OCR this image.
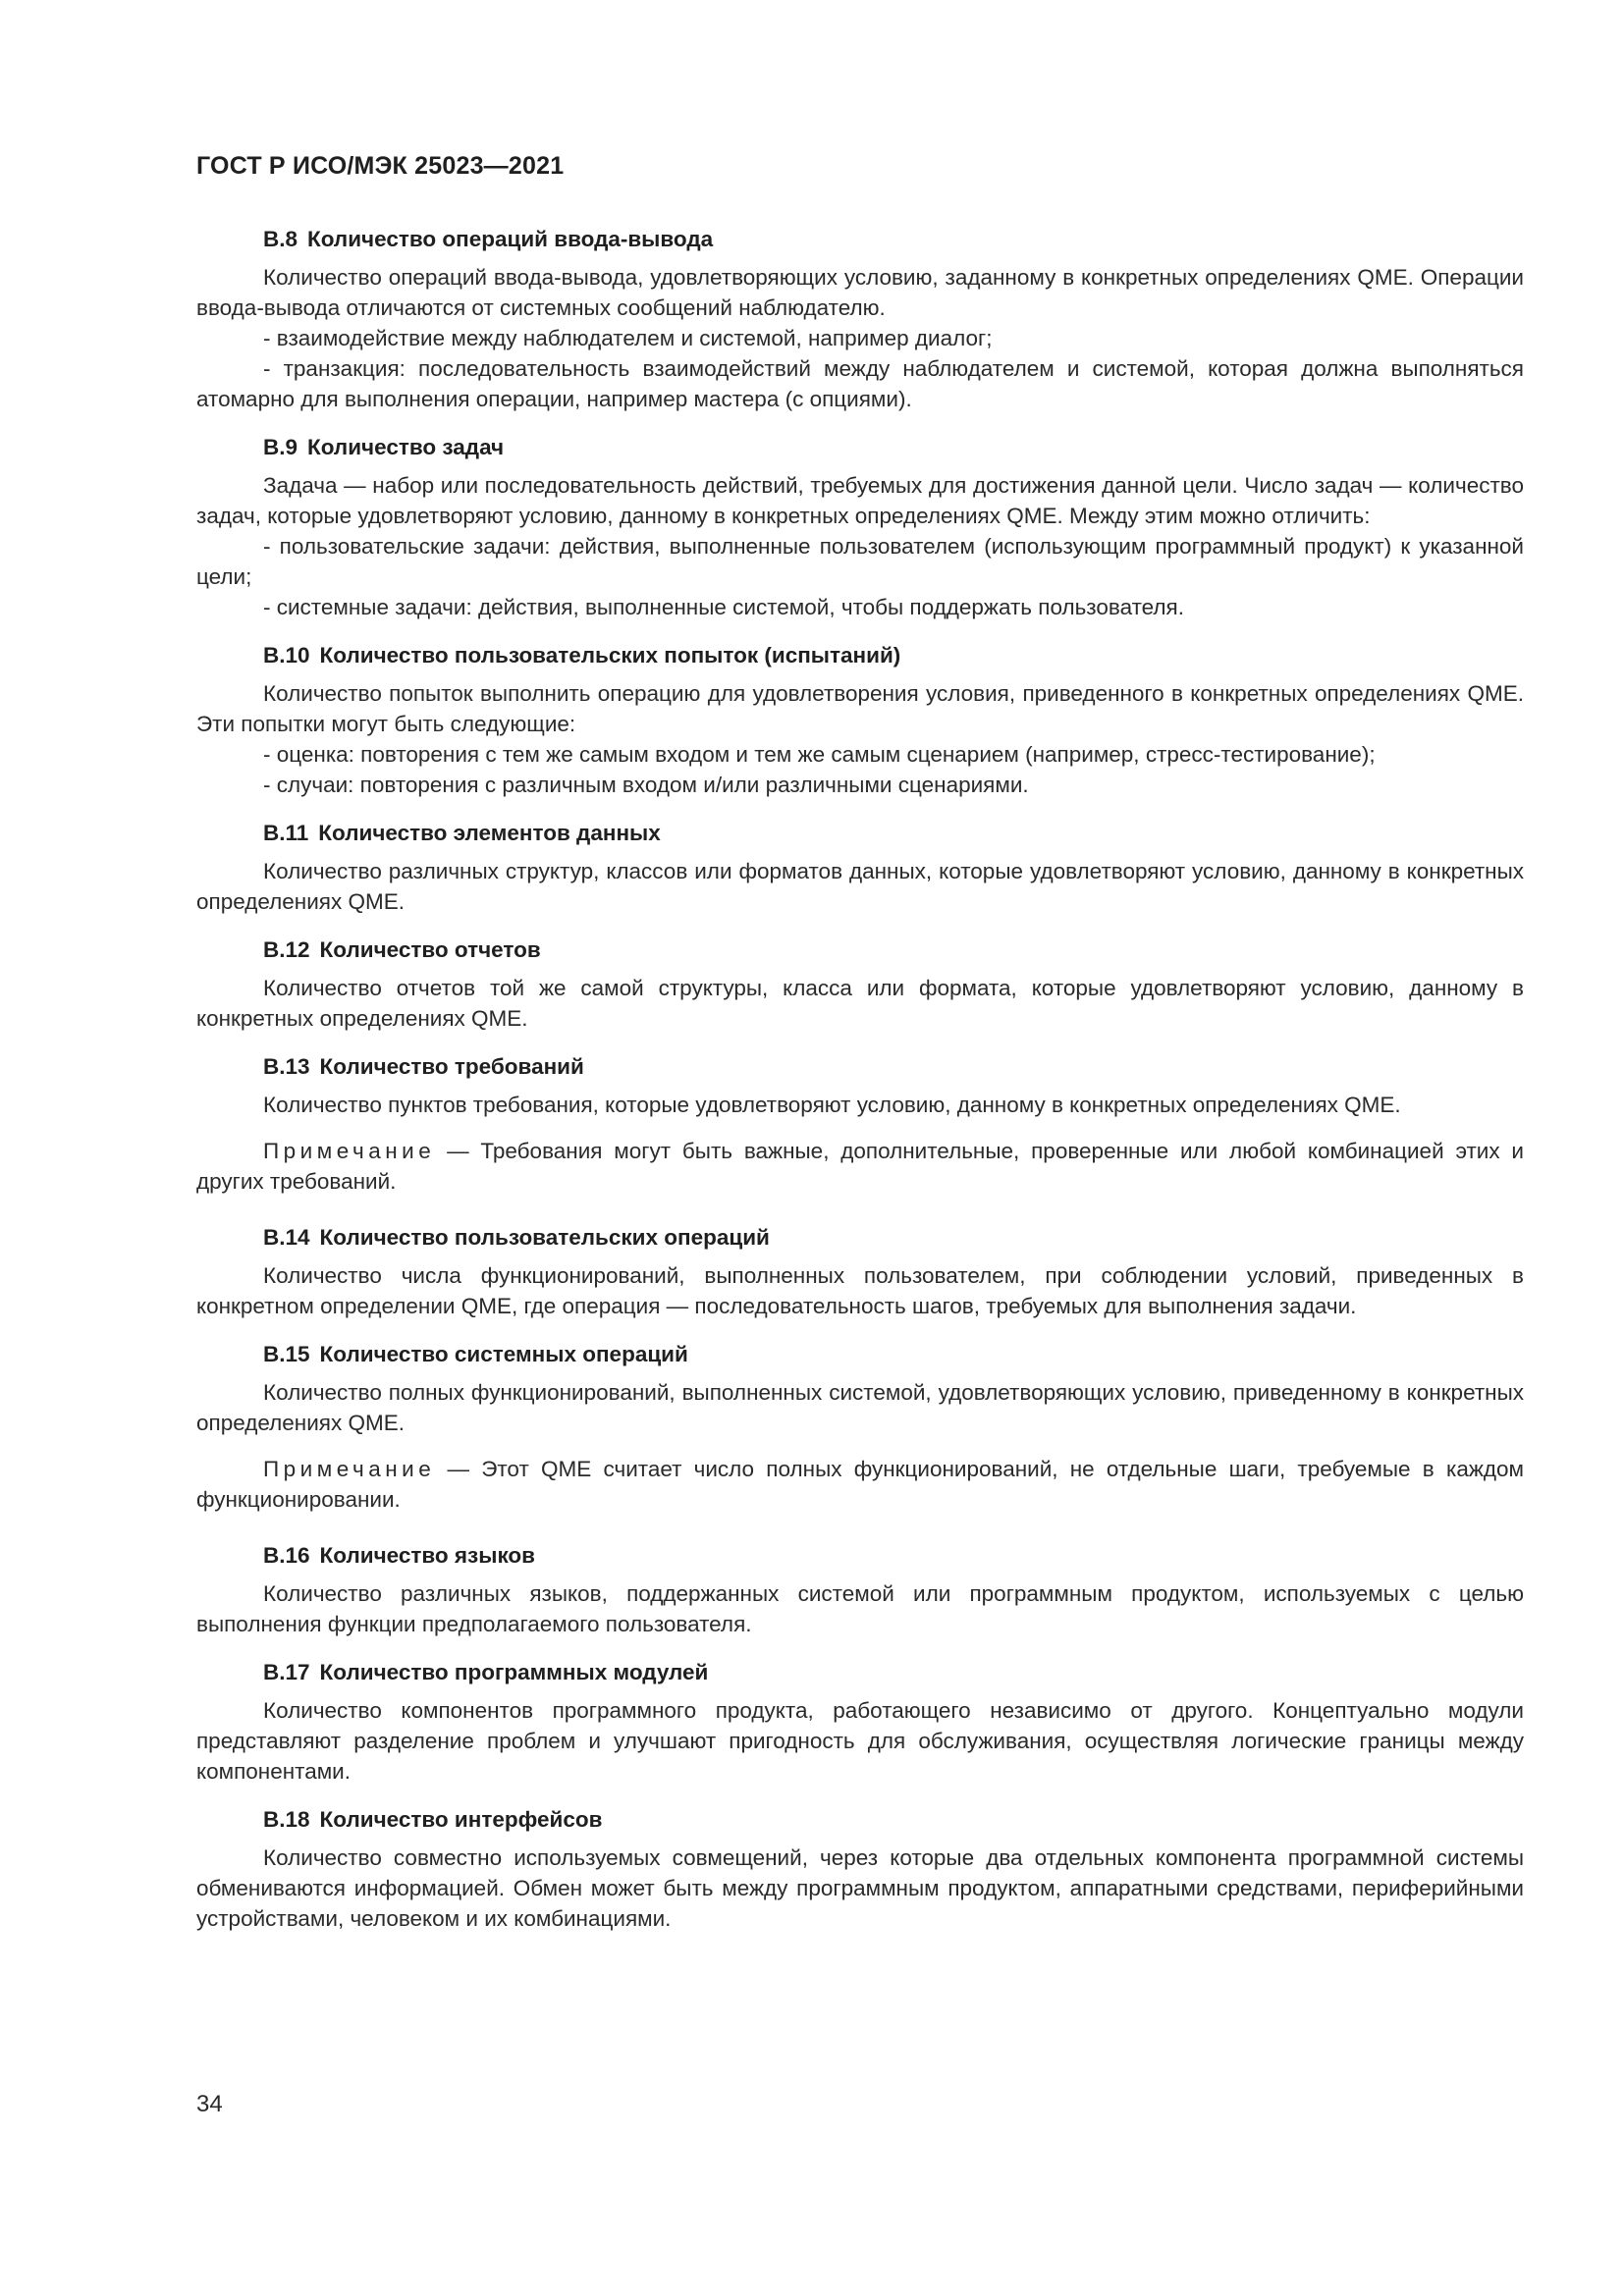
ГОСТ Р ИСО/МЭК 25023—2021
B.8 Количество операций ввода-вывода

Количество операций ввода-вывода, удовлетворяющих условию, заданному в конкретных определениях QME. Операции ввода-вывода отличаются от системных сообщений наблюдателю.

- взаимодействие между наблюдателем и системой, например диалог;

- транзакция: последовательность взаимодействий между наблюдателем и системой, которая должна выполняться атомарно для выполнения операции, например мастера (с опциями).

B.9 Количество задач

Задача — набор или последовательность действий, требуемых для достижения данной цели. Число задач — количество задач, которые удовлетворяют условию, данному в конкретных определениях QME. Между этим можно отличить:

- пользовательские задачи: действия, выполненные пользователем (использующим программный продукт) к указанной цели;

- системные задачи: действия, выполненные системой, чтобы поддержать пользователя.

B.10 Количество пользовательских попыток (испытаний)

Количество попыток выполнить операцию для удовлетворения условия, приведенного в конкретных определениях QME. Эти попытки могут быть следующие:

- оценка: повторения с тем же самым входом и тем же самым сценарием (например, стресс-тестирование);

- случаи: повторения с различным входом и/или различными сценариями.

B.11 Количество элементов данных

Количество различных структур, классов или форматов данных, которые удовлетворяют условию, данному в конкретных определениях QME.

B.12 Количество отчетов

Количество отчетов той же самой структуры, класса или формата, которые удовлетворяют условию, данному в конкретных определениях QME.

B.13 Количество требований

Количество пунктов требования, которые удовлетворяют условию, данному в конкретных определениях QME.

Примечание — Требования могут быть важные, дополнительные, проверенные или любой комбинацией этих и других требований.

B.14 Количество пользовательских операций

Количество числа функционирований, выполненных пользователем, при соблюдении условий, приведенных в конкретном определении QME, где операция — последовательность шагов, требуемых для выполнения задачи.

B.15 Количество системных операций

Количество полных функционирований, выполненных системой, удовлетворяющих условию, приведенному в конкретных определениях QME.

Примечание — Этот QME считает число полных функционирований, не отдельные шаги, требуемые в каждом функционировании.

B.16 Количество языков

Количество различных языков, поддержанных системой или программным продуктом, используемых с целью выполнения функции предполагаемого пользователя.

B.17 Количество программных модулей

Количество компонентов программного продукта, работающего независимо от другого. Концептуально модули представляют разделение проблем и улучшают пригодность для обслуживания, осуществляя логические границы между компонентами.

B.18 Количество интерфейсов

Количество совместно используемых совмещений, через которые два отдельных компонента программной системы обмениваются информацией. Обмен может быть между программным продуктом, аппаратными средствами, периферийными устройствами, человеком и их комбинациями.

34
